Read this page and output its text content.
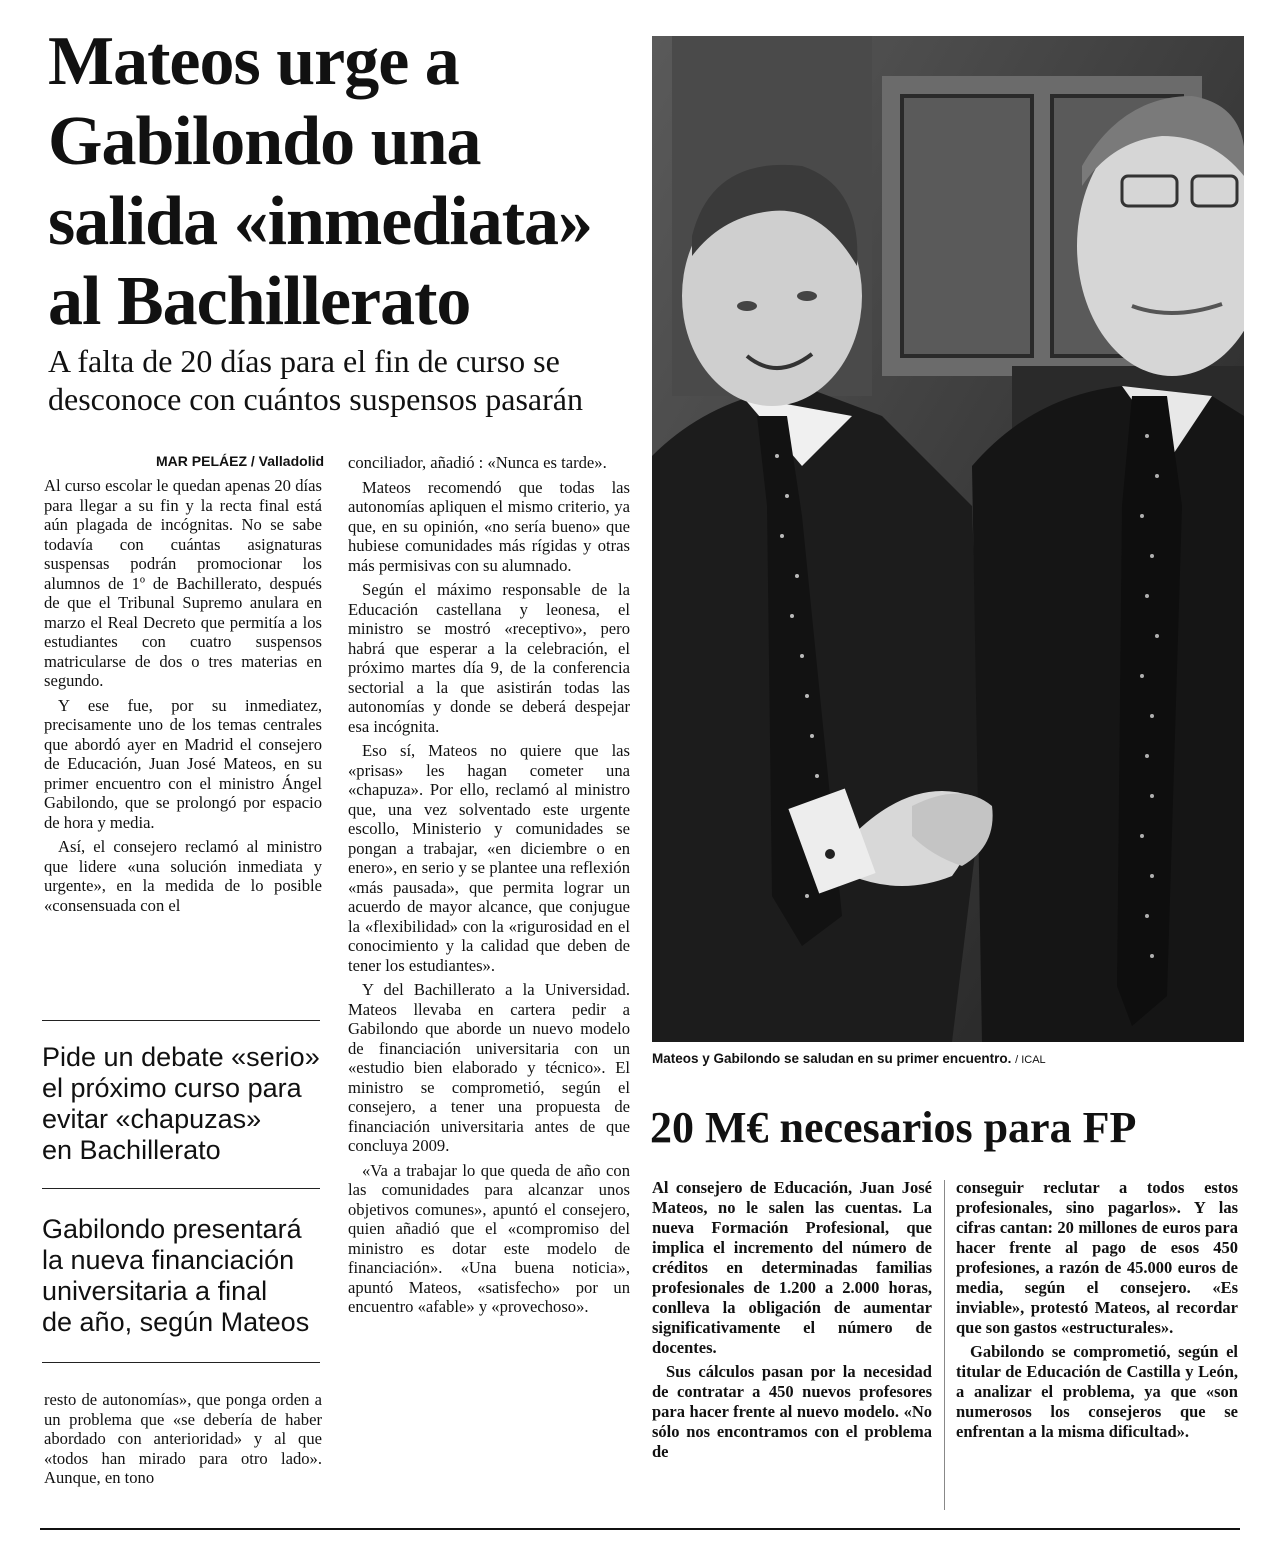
Mateos urge a
Gabilondo una
salida «inmediata»
al Bachillerato
A falta de 20 días para el fin de curso se
desconoce con cuántos suspensos pasarán
MAR PELÁEZ / Valladolid

Al curso escolar le quedan apenas 20 días para llegar a su fin y la recta final está aún plagada de incógnitas. No se sabe todavía con cuántas asignaturas suspensas podrán promocionar los alumnos de 1º de Bachillerato, después de que el Tribunal Supremo anulara en marzo el Real Decreto que permitía a los estudiantes con cuatro suspensos matricularse de dos o tres materias en segundo.

Y ese fue, por su inmediatez, precisamente uno de los temas centrales que abordó ayer en Madrid el consejero de Educación, Juan José Mateos, en su primer encuentro con el ministro Ángel Gabilondo, que se prolongó por espacio de hora y media.

Así, el consejero reclamó al ministro que lidere «una solución inmediata y urgente», en la medida de lo posible «consensuada con el

Pide un debate «serio»
el próximo curso para
evitar «chapuzas»
en Bachillerato
Gabilondo presentará
la nueva financiación
universitaria a final
de año, según Mateos

resto de autonomías», que ponga orden a un problema que «se debería de haber abordado con anterioridad» y al que «todos han mirado para otro lado». Aunque, en tono

conciliador, añadió : «Nunca es tarde».

Mateos recomendó que todas las autonomías apliquen el mismo criterio, ya que, en su opinión, «no sería bueno» que hubiese comunidades más rígidas y otras más permisivas con su alumnado.

Según el máximo responsable de la Educación castellana y leonesa, el ministro se mostró «receptivo», pero habrá que esperar a la celebración, el próximo martes día 9, de la conferencia sectorial a la que asistirán todas las autonomías y donde se deberá despejar esa incógnita.

Eso sí, Mateos no quiere que las «prisas» les hagan cometer una «chapuza». Por ello, reclamó al ministro que, una vez solventado este urgente escollo, Ministerio y comunidades se pongan a trabajar, «en diciembre o en enero», en serio y se plantee una reflexión «más pausada», que permita lograr un acuerdo de mayor alcance, que conjugue la «flexibilidad» con la «rigurosidad en el conocimiento y la calidad que deben de tener los estudiantes».

Y del Bachillerato a la Universidad. Mateos llevaba en cartera pedir a Gabilondo que aborde un nuevo modelo de financiación universitaria con un «estudio bien elaborado y técnico». El ministro se comprometió, según el consejero, a tener una propuesta de financiación universitaria antes de que concluya 2009.

«Va a trabajar lo que queda de año con las comunidades para alcanzar unos objetivos comunes», apuntó el consejero, quien añadió que el «compromiso del ministro es dotar este modelo de financiación». «Una buena noticia», apuntó Mateos, «satisfecho» por un encuentro «afable» y «provechoso».

Mateos y Gabilondo se saludan en su primer encuentro. / ICAL
20 M€ necesarios para FP

Al consejero de Educación, Juan José Mateos, no le salen las cuentas. La nueva Formación Profesional, que implica el incremento del número de créditos en determinadas familias profesionales de 1.200 a 2.000 horas, conlleva la obligación de aumentar significativamente el número de docentes.

Sus cálculos pasan por la necesidad de contratar a 450 nuevos profesores para hacer frente al nuevo modelo. «No sólo nos encontramos con el problema de

conseguir reclutar a todos estos profesionales, sino pagarlos». Y las cifras cantan: 20 millones de euros para hacer frente al pago de esos 450 profesiones, a razón de 45.000 euros de media, según el consejero. «Es inviable», protestó Mateos, al recordar que son gastos «estructurales».

Gabilondo se comprometió, según el titular de Educación de Castilla y León, a analizar el problema, ya que «son numerosos los consejeros que se enfrentan a la misma dificultad».
